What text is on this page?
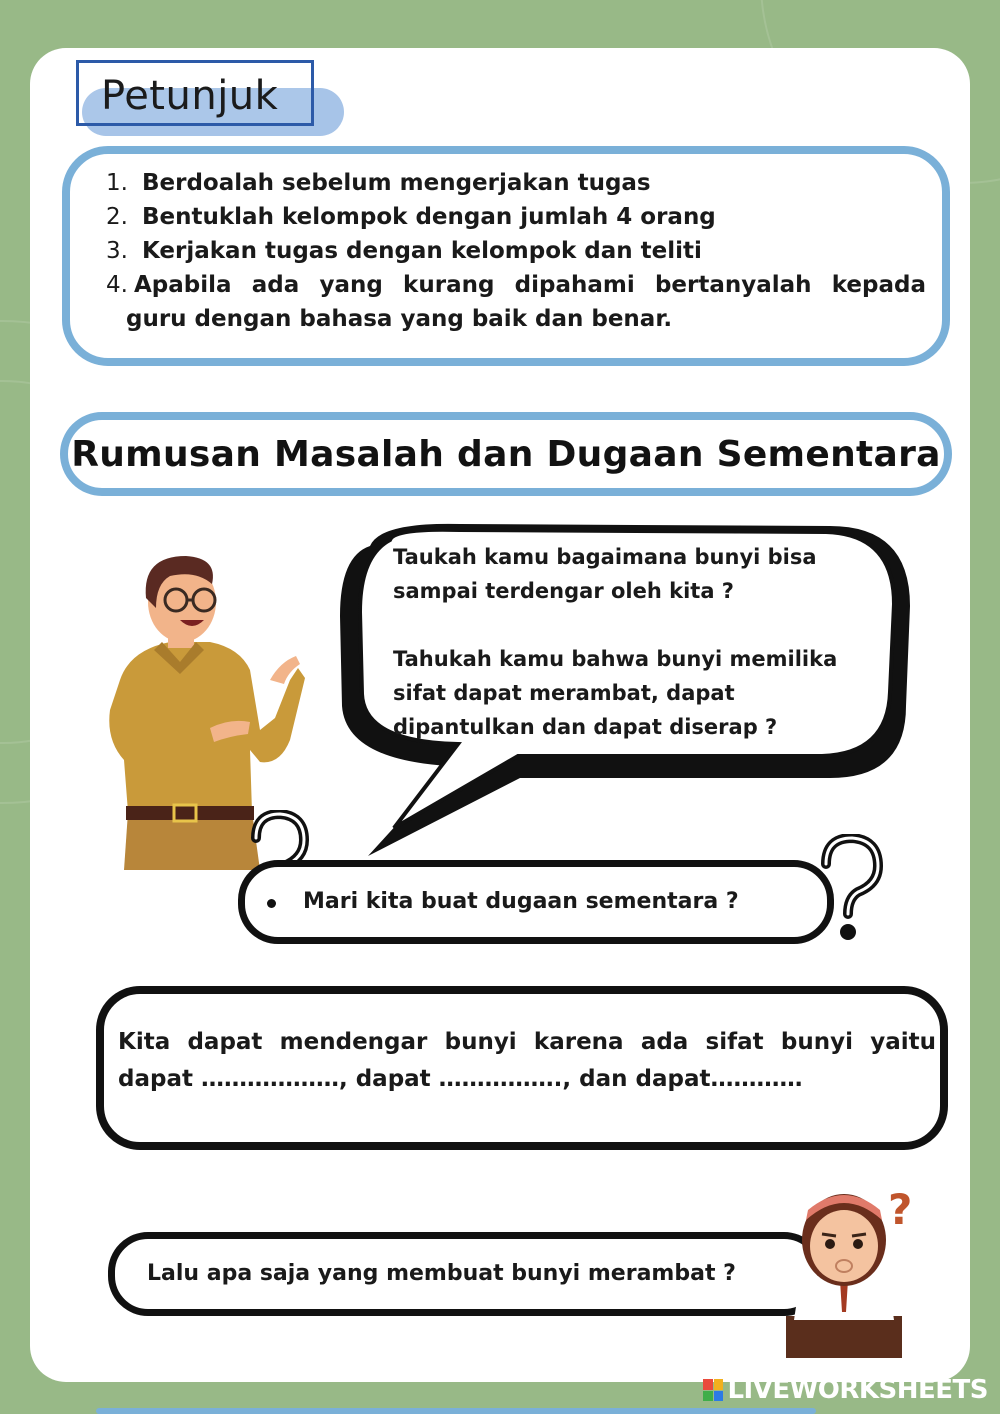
Petunjuk
1. Berdoalah sebelum mengerjakan tugas
2. Bentuklah kelompok dengan jumlah 4 orang
3. Kerjakan tugas dengan kelompok dan teliti
4. Apabila ada yang kurang dipahami bertanyalah kepada
guru dengan bahasa yang baik dan benar.
Rumusan Masalah dan Dugaan Sementara

Taukah kamu bagaimana bunyi bisa sampai terdengar oleh kita ?

Tahukah kamu bahwa bunyi memilika sifat dapat merambat, dapat dipantulkan dan dapat diserap ?

Mari kita buat dugaan sementara ?
Kita dapat mendengar bunyi karena ada sifat bunyi yaitu dapat ………………, dapat ……………., dan dapat…………
Lalu apa saja yang membuat bunyi merambat ?
?
LIVEWORKSHEETS
